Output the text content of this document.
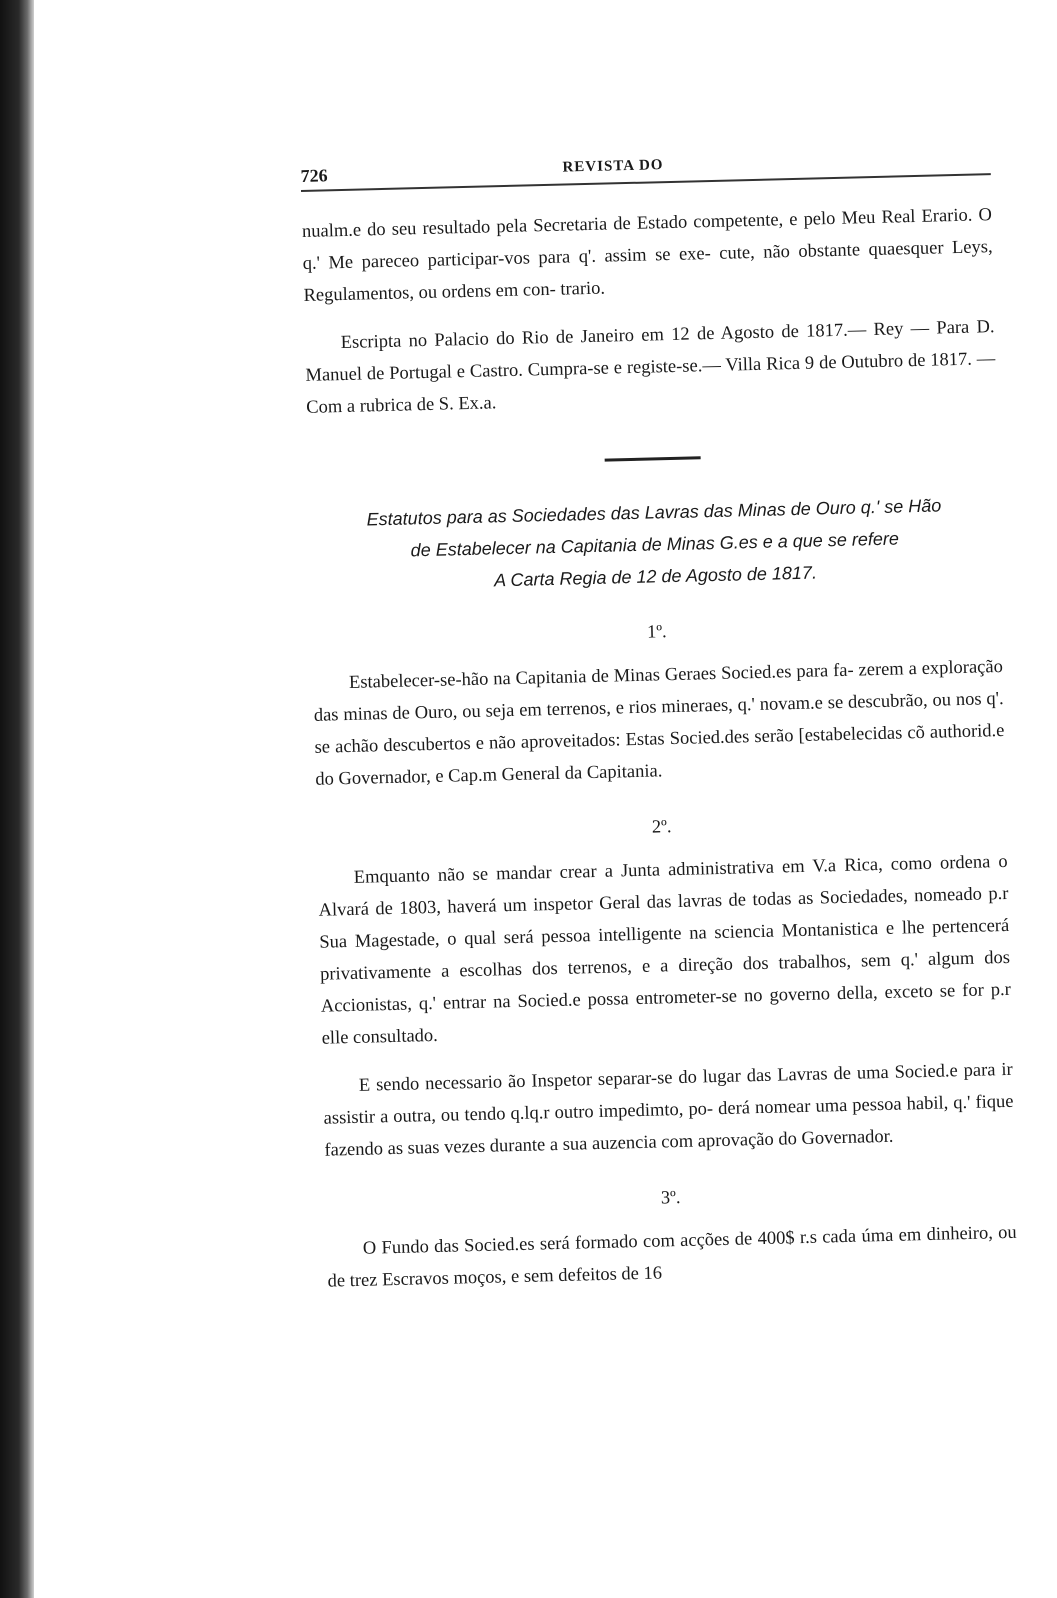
726	REVISTA DO

nualm.e do seu resultado pela Secretaria de Estado competente, e pelo Meu Real Erario. O q.' Me pareceo participar-vos para q'. assim se exe- cute, não obstante quaesquer Leys, Regulamentos, ou ordens em con- trario.

Escripta no Palacio do Rio de Janeiro em 12 de Agosto de 1817.— Rey — Para D. Manuel de Portugal e Castro. Cumpra-se e registe-se.— Villa Rica 9 de Outubro de 1817. — Com a rubrica de S. Ex.a.

Estatutos para as Sociedades das Lavras das Minas de Ouro q.' se Hão
de Estabelecer na Capitania de Minas G.es e a que se refere
A Carta Regia de 12 de Agosto de 1817.

1º.

Estabelecer-se-hão na Capitania de Minas Geraes Socied.es para fa- zerem a exploração das minas de Ouro, ou seja em terrenos, e rios mineraes, q.' novam.e se descubrão, ou nos q'. se achão descubertos e não aproveitados: Estas Socied.des serão [estabelecidas cõ authorid.e do Governador, e Cap.m General da Capitania.

2º.

Emquanto não se mandar crear a Junta administrativa em V.a Rica, como ordena o Alvará de 1803, haverá um inspetor Geral das lavras de todas as Sociedades, nomeado p.r Sua Magestade, o qual será pessoa intelligente na sciencia Montanistica e lhe pertencerá privativamente a escolhas dos terrenos, e a direção dos trabalhos, sem q.' algum dos Accionistas, q.' entrar na Socied.e possa entrometer-se no governo della, exceto se for p.r elle consultado.

E sendo necessario ão Inspetor separar-se do lugar das Lavras de uma Socied.e para ir assistir a outra, ou tendo q.lq.r outro impedimto, po- derá nomear uma pessoa habil, q.' fique fazendo as suas vezes durante a sua auzencia com aprovação do Governador.

3º.

O Fundo das Socied.es será formado com acções de 400$ r.s cada úma em dinheiro, ou de trez Escravos moços, e sem defeitos de 16
